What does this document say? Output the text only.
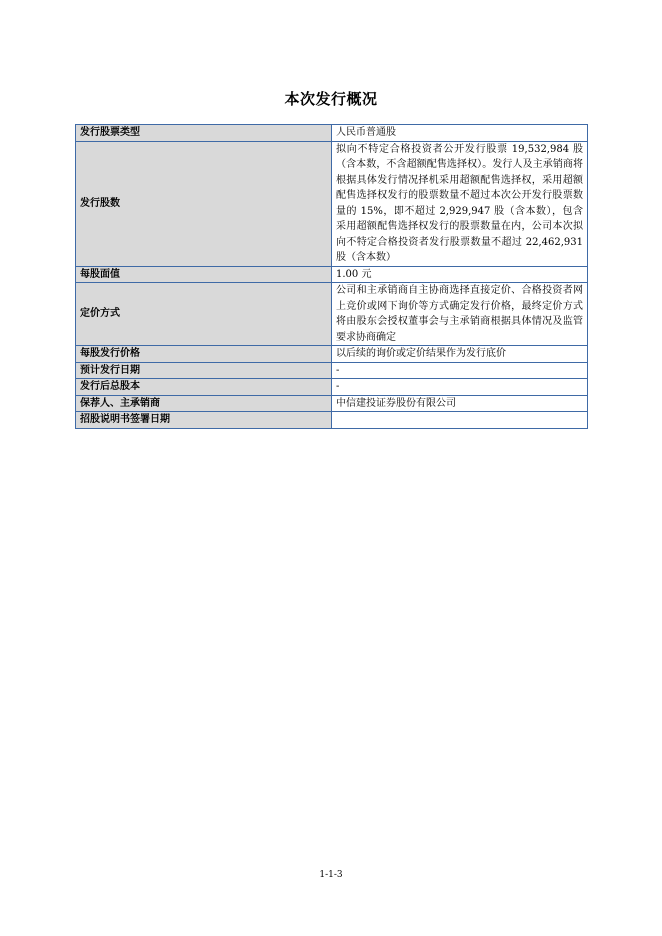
本次发行概况
发行股票类型	人民币普通股
发行股数	拟向不特定合格投资者公开发行股票 19,532,984 股（含本数，不含超额配售选择权）。发行人及主承销商将根据具体发行情况择机采用超额配售选择权，采用超额配售选择权发行的股票数量不超过本次公开发行股票数量的 15%，即不超过 2,929,947 股（含本数），包含采用超额配售选择权发行的股票数量在内，公司本次拟向不特定合格投资者发行股票数量不超过 22,462,931 股（含本数）
每股面值	1.00 元
定价方式	公司和主承销商自主协商选择直接定价、合格投资者网上竞价或网下询价等方式确定发行价格，最终定价方式将由股东会授权董事会与主承销商根据具体情况及监管要求协商确定
每股发行价格	以后续的询价或定价结果作为发行底价
预计发行日期	-
发行后总股本	-
保荐人、主承销商	中信建投证券股份有限公司
招股说明书签署日期	
1-1-3
